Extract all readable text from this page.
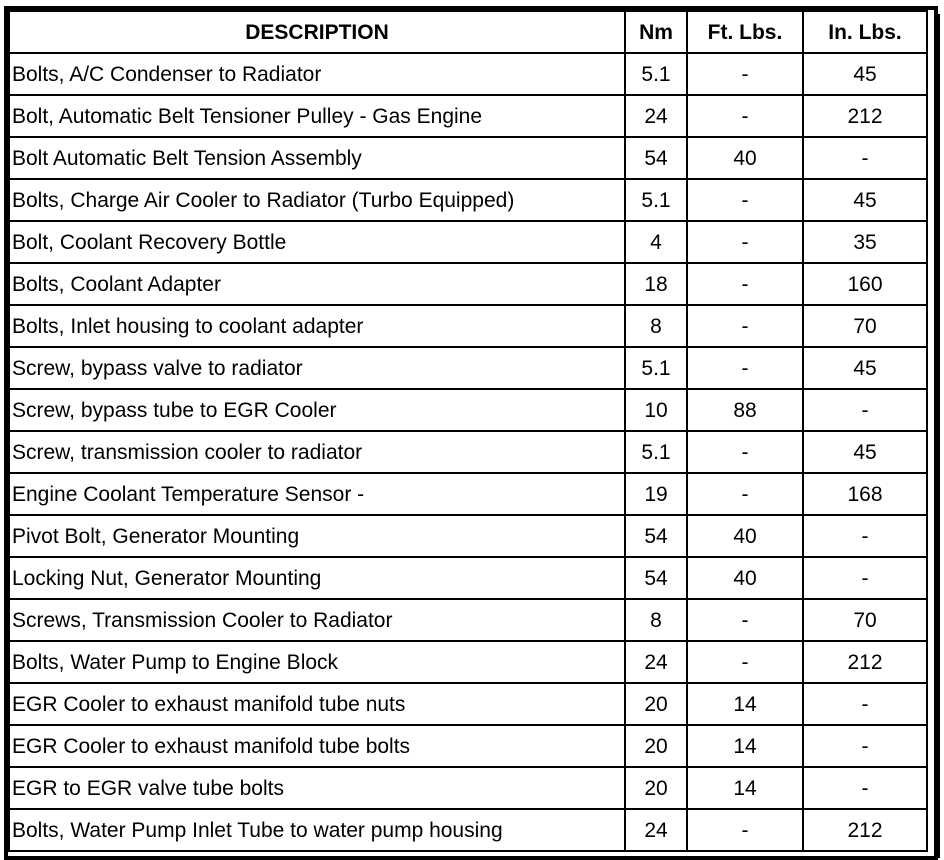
DESCRIPTION	Nm	Ft. Lbs.	In. Lbs.
Bolts, A/C Condenser to Radiator	5.1	-	45
Bolt, Automatic Belt Tensioner Pulley - Gas Engine	24	-	212
Bolt Automatic Belt Tension Assembly	54	40	-
Bolts, Charge Air Cooler to Radiator (Turbo Equipped)	5.1	-	45
Bolt, Coolant Recovery Bottle	4	-	35
Bolts, Coolant Adapter	18	-	160
Bolts, Inlet housing to coolant adapter	8	-	70
Screw, bypass valve to radiator	5.1	-	45
Screw, bypass tube to EGR Cooler	10	88	-
Screw, transmission cooler to radiator	5.1	-	45
Engine Coolant Temperature Sensor -	19	-	168
Pivot Bolt, Generator Mounting	54	40	-
Locking Nut, Generator Mounting	54	40	-
Screws, Transmission Cooler to Radiator	8	-	70
Bolts, Water Pump to Engine Block	24	-	212
EGR Cooler to exhaust manifold tube nuts	20	14	-
EGR Cooler to exhaust manifold tube bolts	20	14	-
EGR to EGR valve tube bolts	20	14	-
Bolts, Water Pump Inlet Tube to water pump housing	24	-	212
